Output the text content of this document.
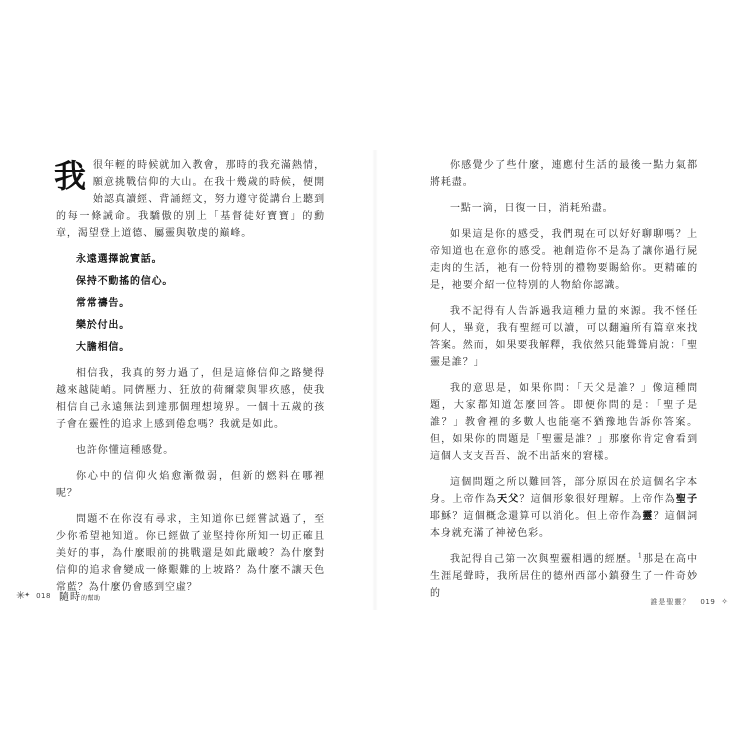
我很年輕的時候就加入教會，那時的我充滿熱情，願意挑戰信仰的大山。在我十幾歲的時候，便開始認真讀經、背誦經文，努力遵守從講台上聽到的每一條誡命。我驕傲的別上「基督徒好寶寶」的勳章，渴望登上道德、屬靈與敬虔的巔峰。

永遠選擇說實話。
保持不動搖的信心。
常常禱告。
樂於付出。
大膽相信。

相信我，我真的努力過了，但是這條信仰之路變得越來越陡峭。同儕壓力、狂放的荷爾蒙與罪疚感，使我相信自己永遠無法到達那個理想境界。一個十五歲的孩子會在靈性的追求上感到倦怠嗎？我就是如此。

也許你懂這種感覺。

你心中的信仰火焰愈漸微弱，但新的燃料在哪裡呢？

問題不在你沒有尋求，主知道你已經嘗試過了，至少你希望祂知道。你已經做了並堅持你所知一切正確且美好的事，為什麼眼前的挑戰還是如此嚴峻？為什麼對信仰的追求會變成一條艱難的上坡路？為什麼不讓天色常藍？為什麼仍會感到空虛？

你感覺少了些什麼，連應付生活的最後一點力氣都將耗盡。

一點一滴，日復一日，消耗殆盡。

如果這是你的感受，我們現在可以好好聊聊嗎？上帝知道也在意你的感受。祂創造你不是為了讓你過行屍走肉的生活，祂有一份特別的禮物要賜給你。更精確的是，祂要介紹一位特別的人物給你認識。

我不記得有人告訴過我這種力量的來源。我不怪任何人，畢竟，我有聖經可以讀，可以翻遍所有篇章來找答案。然而，如果要我解釋，我依然只能聳聳肩說：「聖靈是誰？」

我的意思是，如果你問：「天父是誰？」像這種問題，大家都知道怎麼回答。即便你問的是：「聖子是誰？」教會裡的多數人也能毫不猶豫地告訴你答案。但，如果你的問題是「聖靈是誰？」那麼你肯定會看到這個人支支吾吾、說不出話來的窘樣。

這個問題之所以難回答，部分原因在於這個名字本身。上帝作為天父？這個形象很好理解。上帝作為聖子耶穌？這個概念還算可以消化。但上帝作為靈？這個詞本身就充滿了神祕色彩。

我記得自己第一次與聖靈相遇的經歷。$^1$那是在高中生涯尾聲時，我所居住的德州西部小鎮發生了一件奇妙的

✳ ✦ 018 隨時的幫助	誰是聖靈？ 019 ✧
